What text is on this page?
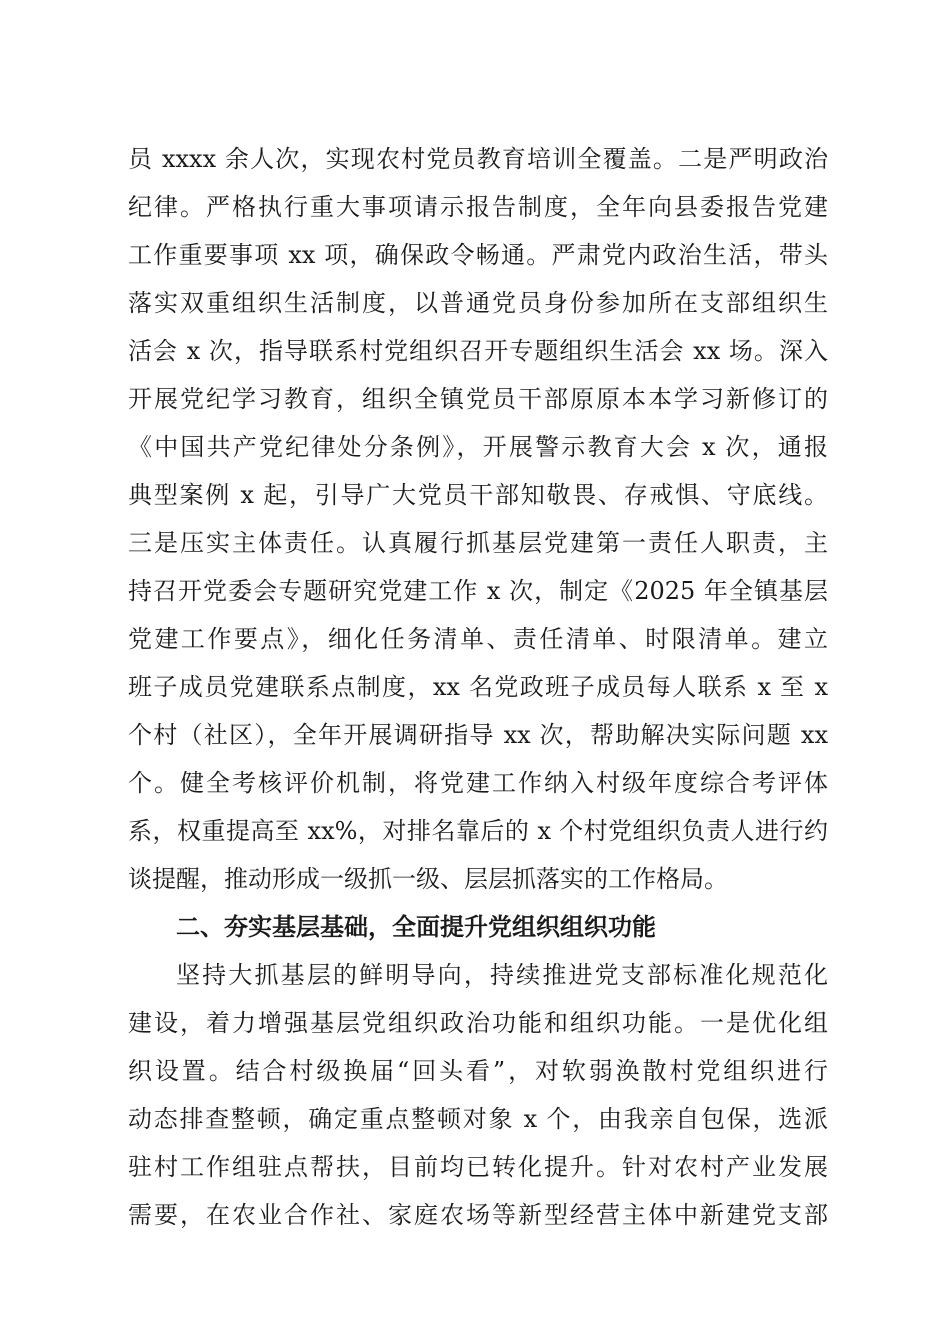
员 xxxx 余人次，实现农村党员教育培训全覆盖。二是严明政治
纪律。严格执行重大事项请示报告制度，全年向县委报告党建
工作重要事项 xx 项，确保政令畅通。严肃党内政治生活，带头
落实双重组织生活制度，以普通党员身份参加所在支部组织生
活会 x 次，指导联系村党组织召开专题组织生活会 xx 场。深入
开展党纪学习教育，组织全镇党员干部原原本本学习新修订的
《中国共产党纪律处分条例》，开展警示教育大会 x 次，通报
典型案例 x 起，引导广大党员干部知敬畏、存戒惧、守底线。
三是压实主体责任。认真履行抓基层党建第一责任人职责，主
持召开党委会专题研究党建工作 x 次，制定《2025 年全镇基层
党建工作要点》，细化任务清单、责任清单、时限清单。建立
班子成员党建联系点制度，xx 名党政班子成员每人联系 x 至 x
个村（社区），全年开展调研指导 xx 次，帮助解决实际问题 xx
个。健全考核评价机制，将党建工作纳入村级年度综合考评体
系，权重提高至 xx%，对排名靠后的 x 个村党组织负责人进行约
谈提醒，推动形成一级抓一级、层层抓落实的工作格局。
二、夯实基层基础，全面提升党组织组织功能
坚持大抓基层的鲜明导向，持续推进党支部标准化规范化
建设，着力增强基层党组织政治功能和组织功能。一是优化组
织设置。结合村级换届“回头看”，对软弱涣散村党组织进行
动态排查整顿，确定重点整顿对象 x 个，由我亲自包保，选派
驻村工作组驻点帮扶，目前均已转化提升。针对农村产业发展
需要，在农业合作社、家庭农场等新型经营主体中新建党支部
